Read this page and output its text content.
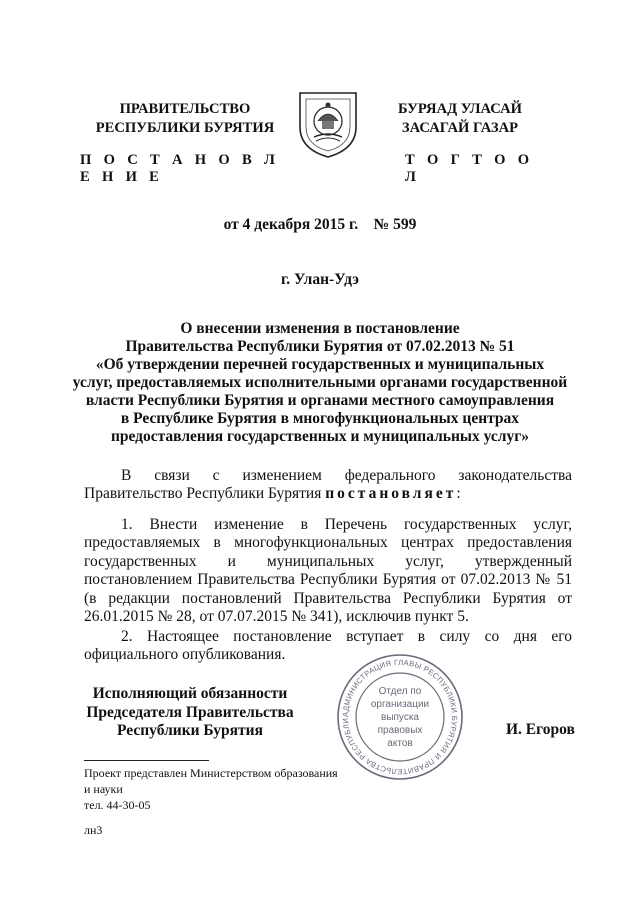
ПРАВИТЕЛЬСТВО
РЕСПУБЛИКИ БУРЯТИЯ
П О С Т А Н О В Л Е Н И Е
БУРЯАД УЛАСАЙ
ЗАСАГАЙ ГАЗАР
Т О Г Т О О Л
от 4 декабря 2015 г.    № 599
г. Улан-Удэ
О внесении изменения в постановление
Правительства Республики Бурятия от 07.02.2013 № 51
«Об утверждении перечней государственных и муниципальных
услуг, предоставляемых исполнительными органами государственной
власти Республики Бурятия и органами местного самоуправления
в Республике Бурятия в многофункциональных центрах
предоставления государственных и муниципальных услуг»
В связи с изменением федерального законодательства Правительство Республики Бурятия постановляет:
1. Внести изменение в Перечень государственных услуг, предоставляемых в многофункциональных центрах предоставления государственных и муниципальных услуг, утвержденный постановлением Правительства Республики Бурятия от 07.02.2013 № 51 (в редакции постановлений Правительства Республики Бурятия от 26.01.2015 № 28, от 07.07.2015 № 341), исключив пункт 5.
2. Настоящее постановление вступает в силу со дня его официального опубликования.
Исполняющий обязанности
Председателя Правительства
Республики Бурятия	И. Егоров
АДМИНИСТРАЦИЯ ГЛАВЫ РЕСПУБЛИКИ БУРЯТИЯ И ПРАВИТЕЛЬСТВА РЕСПУБЛИ
Отдел по
организации
выпуска
правовых
актов
Проект представлен Министерством образования
и науки
тел. 44-30-05
лн3
